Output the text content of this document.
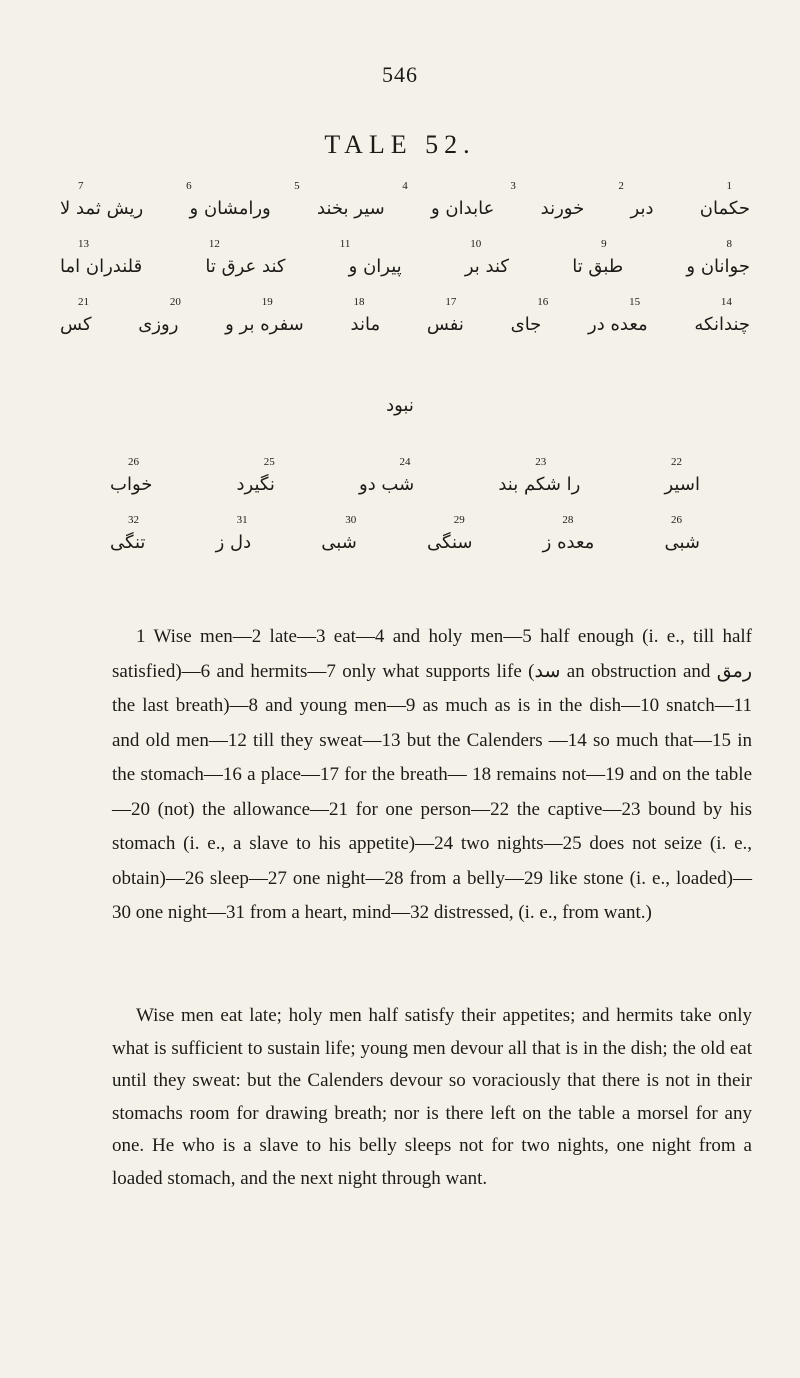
546
TALE 52.
7	6	5	4	3	2	1
ریش ثمد لا	ورامشان و	سیر بخند	عابدان و	خورند	دبر	حکمان
13	12	11	10	9	8
قلندران اما	کند عرق تا	پیران و	کند بر	طبق تا	جوانان و
21	20	19	18	17	16	15	14
کس	روزی	سفره بر و	ماند	نفس	جای	معده در	چندانکه
نبود
26	25	24	23	22
خواب	نگیرد	شب دو	را شکم بند	اسیر
32	31	30	29	28	26
تنگی	دل ز	شبی	سنگی	معده ز	شبی

1 Wise men—2 late—3 eat—4 and holy men—5 half enough (i. e., till half satisfied)—6 and hermits—7 only what supports life (سد an obstruction and رمق the last breath)—8 and young men—9 as much as is in the dish—10 snatch—11 and old men—12 till they sweat—13 but the Calenders —14 so much that—15 in the stomach—16 a place—17 for the breath— 18 remains not—19 and on the table—20 (not) the allowance—21 for one person—22 the captive—23 bound by his stomach (i. e., a slave to his appetite)—24 two nights—25 does not seize (i. e., obtain)—26 sleep—27 one night—28 from a belly—29 like stone (i. e., loaded)—30 one night—31 from a heart, mind—32 distressed, (i. e., from want.)

Wise men eat late; holy men half satisfy their appetites; and hermits take only what is sufficient to sustain life; young men devour all that is in the dish; the old eat until they sweat: but the Calenders devour so voraciously that there is not in their stomachs room for drawing breath; nor is there left on the table a morsel for any one. He who is a slave to his belly sleeps not for two nights, one night from a loaded stomach, and the next night through want.
